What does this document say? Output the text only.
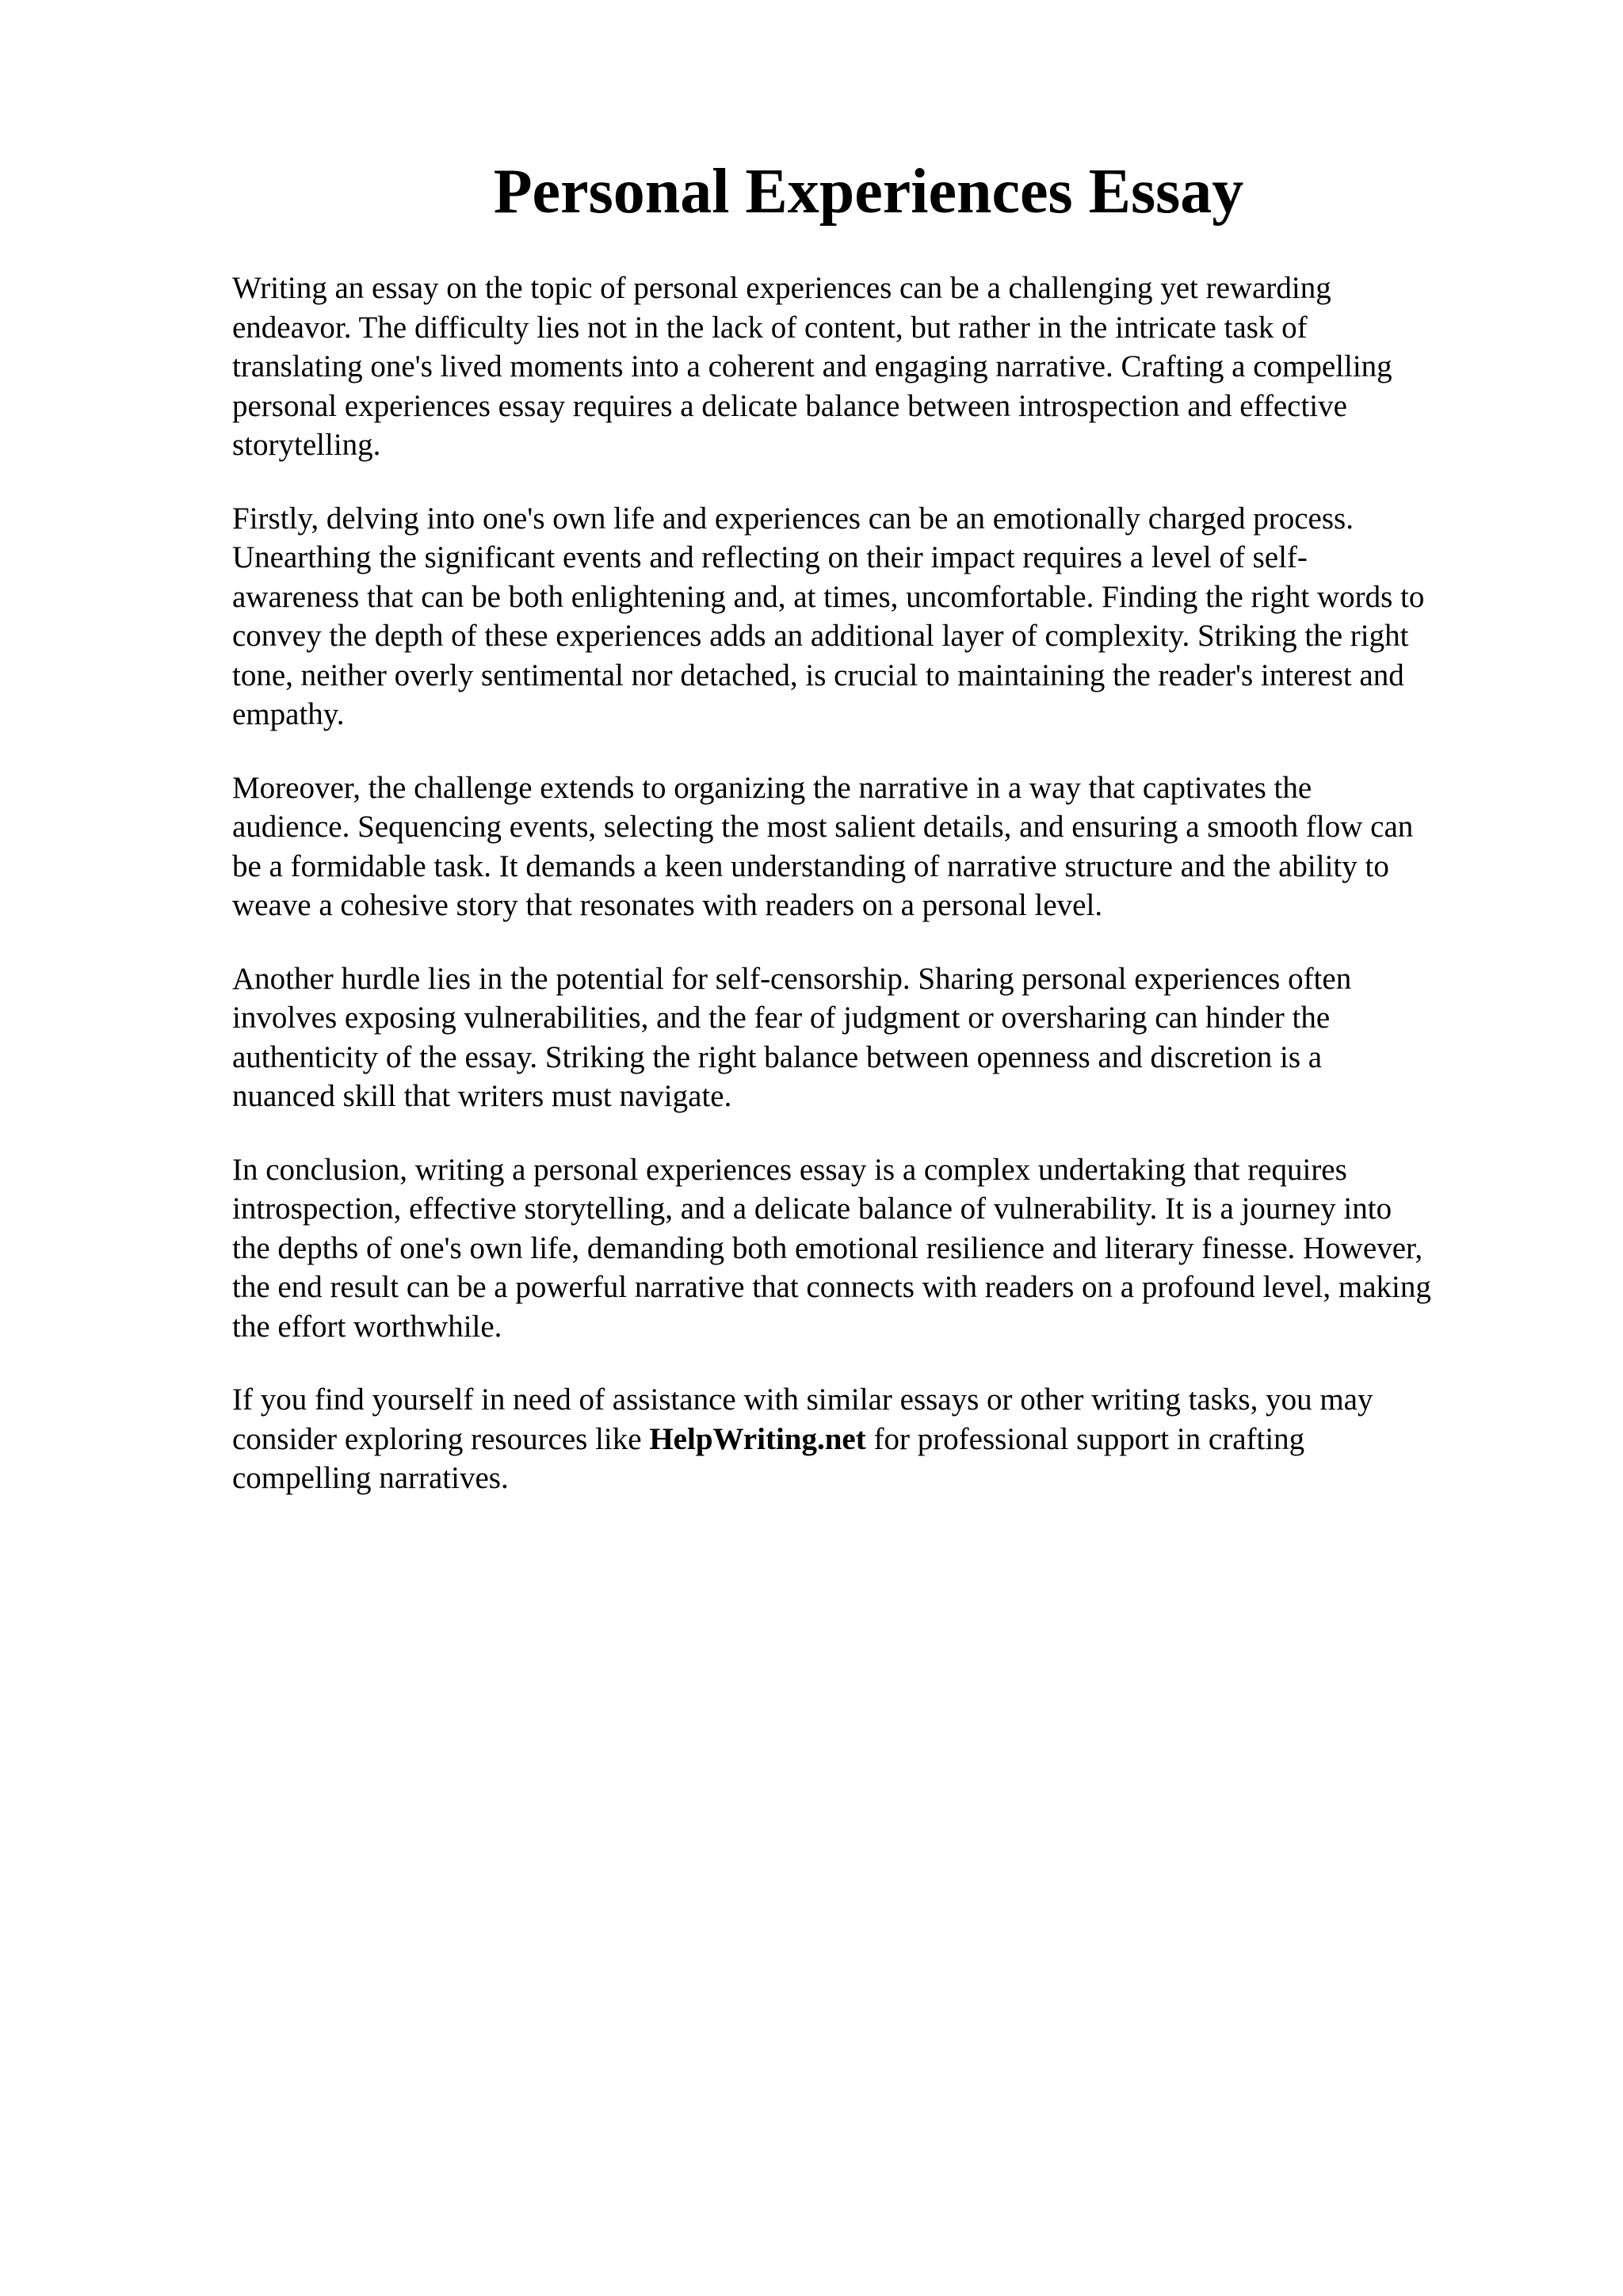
Personal Experiences Essay

Writing an essay on the topic of personal experiences can be a challenging yet rewarding
endeavor. The difficulty lies not in the lack of content, but rather in the intricate task of
translating one's lived moments into a coherent and engaging narrative. Crafting a compelling
personal experiences essay requires a delicate balance between introspection and effective
storytelling.

Firstly, delving into one's own life and experiences can be an emotionally charged process.
Unearthing the significant events and reflecting on their impact requires a level of self-
awareness that can be both enlightening and, at times, uncomfortable. Finding the right words to
convey the depth of these experiences adds an additional layer of complexity. Striking the right
tone, neither overly sentimental nor detached, is crucial to maintaining the reader's interest and
empathy.

Moreover, the challenge extends to organizing the narrative in a way that captivates the
audience. Sequencing events, selecting the most salient details, and ensuring a smooth flow can
be a formidable task. It demands a keen understanding of narrative structure and the ability to
weave a cohesive story that resonates with readers on a personal level.

Another hurdle lies in the potential for self-censorship. Sharing personal experiences often
involves exposing vulnerabilities, and the fear of judgment or oversharing can hinder the
authenticity of the essay. Striking the right balance between openness and discretion is a
nuanced skill that writers must navigate.

In conclusion, writing a personal experiences essay is a complex undertaking that requires
introspection, effective storytelling, and a delicate balance of vulnerability. It is a journey into
the depths of one's own life, demanding both emotional resilience and literary finesse. However,
the end result can be a powerful narrative that connects with readers on a profound level, making
the effort worthwhile.

If you find yourself in need of assistance with similar essays or other writing tasks, you may
consider exploring resources like HelpWriting.net for professional support in crafting
compelling narratives.
